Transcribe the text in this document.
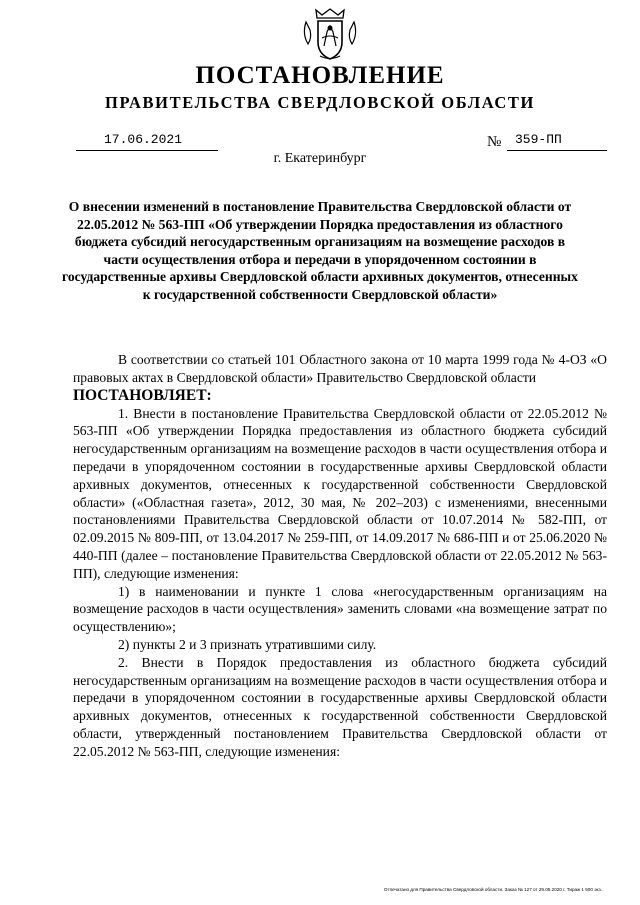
ПОСТАНОВЛЕНИЕ
ПРАВИТЕЛЬСТВА СВЕРДЛОВСКОЙ ОБЛАСТИ
17.06.2021	№ 359-ПП
г. Екатеринбург
О внесении изменений в постановление Правительства Свердловской области от 22.05.2012 № 563-ПП «Об утверждении Порядка предоставления из областного бюджета субсидий негосударственным организациям на возмещение расходов в части осуществления отбора и передачи в упорядоченном состоянии в государственные архивы Свердловской области архивных документов, отнесенных к государственной собственности Свердловской области»

В соответствии со статьей 101 Областного закона от 10 марта 1999 года № 4-ОЗ «О правовых актах в Свердловской области» Правительство Свердловской области

ПОСТАНОВЛЯЕТ:

1. Внести в постановление Правительства Свердловской области от 22.05.2012 № 563-ПП «Об утверждении Порядка предоставления из областного бюджета субсидий негосударственным организациям на возмещение расходов в части осуществления отбора и передачи в упорядоченном состоянии в государственные архивы Свердловской области архивных документов, отнесенных к государственной собственности Свердловской области» («Областная газета», 2012, 30 мая, № 202–203) с изменениями, внесенными постановлениями Правительства Свердловской области от 10.07.2014 № 582-ПП, от 02.09.2015 № 809-ПП, от 13.04.2017 № 259-ПП, от 14.09.2017 № 686-ПП и от 25.06.2020 № 440-ПП (далее – постановление Правительства Свердловской области от 22.05.2012 № 563-ПП), следующие изменения:

1) в наименовании и пункте 1 слова «негосударственным организациям на возмещение расходов в части осуществления» заменить словами «на возмещение затрат по осуществлению»;

2) пункты 2 и 3 признать утратившими силу.

2. Внести в Порядок предоставления из областного бюджета субсидий негосударственным организациям на возмещение расходов в части осуществления отбора и передачи в упорядоченном состоянии в государственные архивы Свердловской области архивных документов, отнесенных к государственной собственности Свердловской области, утвержденный постановлением Правительства Свердловской области от 22.05.2012 № 563-ПП, следующие изменения:

Отпечатано для Правительства Свердловской области. Заказ № 127 от 29.05.2020 г. Тираж 1 500 экз.
